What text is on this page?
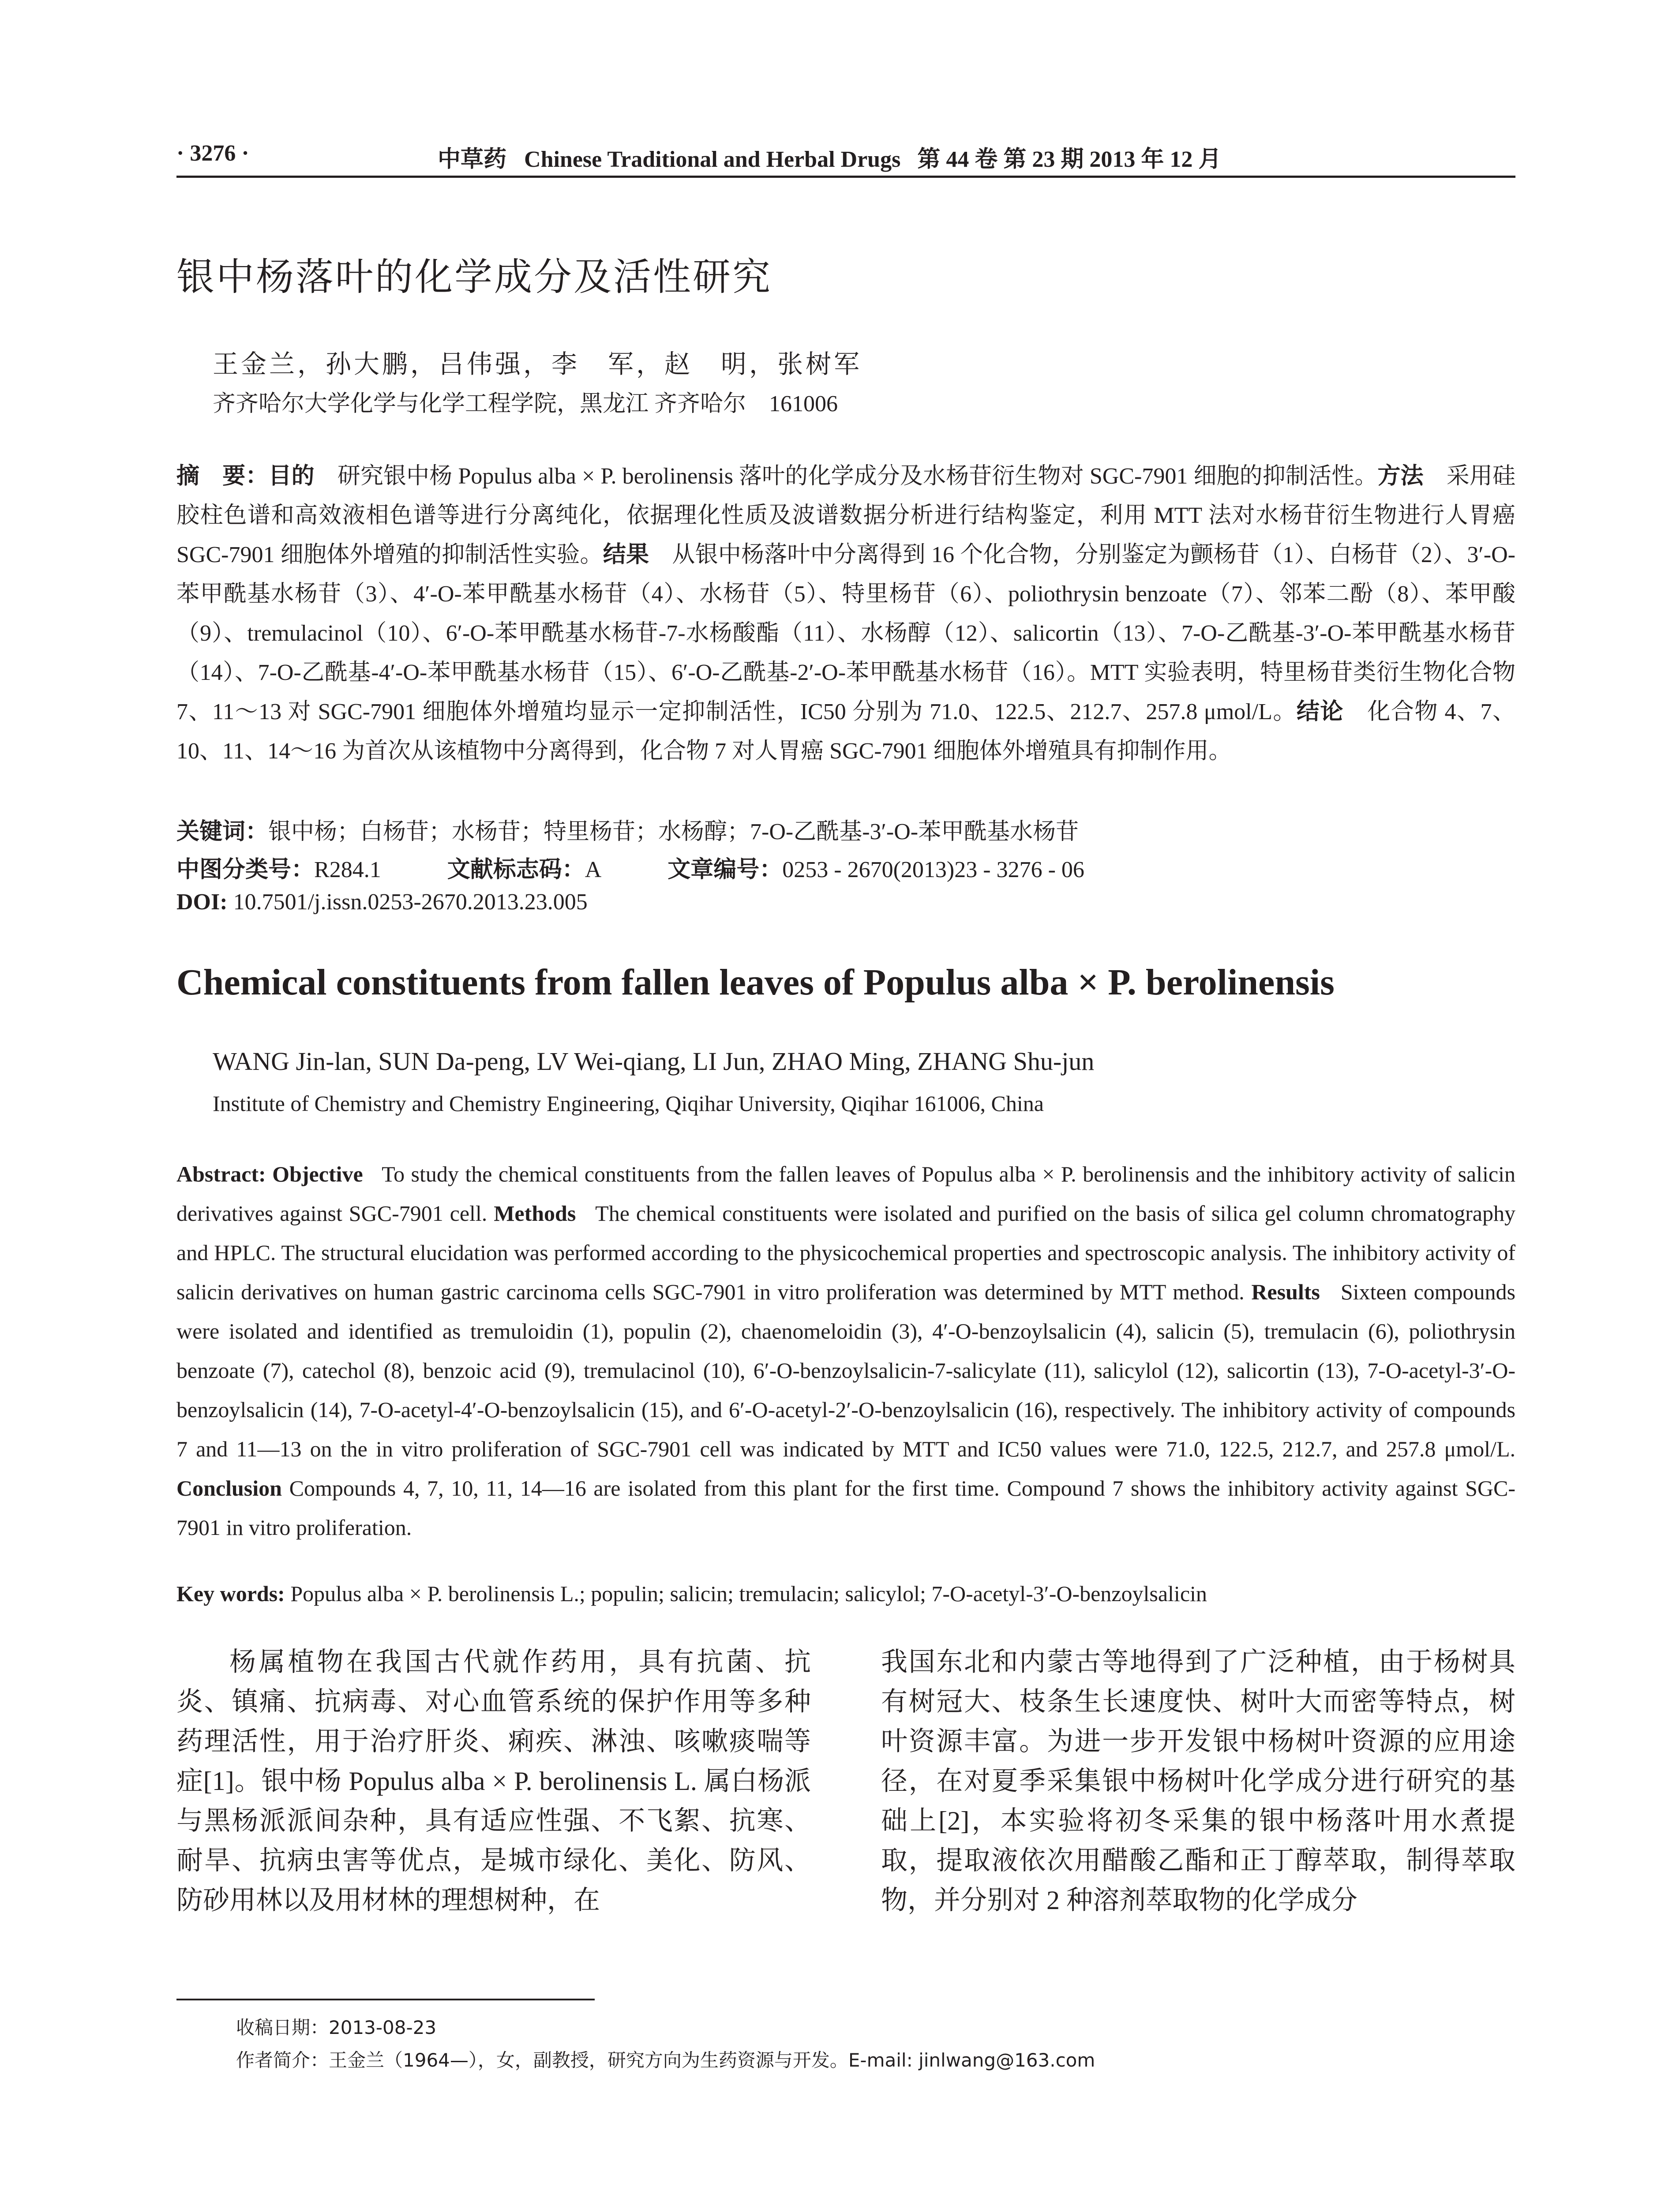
· 3276 ·	中草药 Chinese Traditional and Herbal Drugs 第 44 卷 第 23 期 2013 年 12 月
银中杨落叶的化学成分及活性研究
王金兰，孙大鹏，吕伟强，李　军，赵　明，张树军
齐齐哈尔大学化学与化学工程学院，黑龙江 齐齐哈尔　161006
摘　要：目的　 研究银中杨 Populus alba × P. berolinensis 落叶的化学成分及水杨苷衍生物对 SGC-7901 细胞的抑制活性。方法　 采用硅胶柱色谱和高效液相色谱等进行分离纯化，依据理化性质及波谱数据分析进行结构鉴定，利用 MTT 法对水杨苷衍生物进行人胃癌 SGC-7901 细胞体外增殖的抑制活性实验。结果　 从银中杨落叶中分离得到 16 个化合物，分别鉴定为颤杨苷（1）、白杨苷（2）、3′-O-苯甲酰基水杨苷（3）、4′-O-苯甲酰基水杨苷（4）、水杨苷（5）、特里杨苷（6）、poliothrysin benzoate（7）、邻苯二酚（8）、苯甲酸（9）、tremulacinol（10）、6′-O-苯甲酰基水杨苷-7-水杨酸酯（11）、水杨醇（12）、salicortin（13）、7-O-乙酰基-3′-O-苯甲酰基水杨苷（14）、7-O-乙酰基-4′-O-苯甲酰基水杨苷（15）、6′-O-乙酰基-2′-O-苯甲酰基水杨苷（16）。MTT 实验表明，特里杨苷类衍生物化合物 7、11～13 对 SGC-7901 细胞体外增殖均显示一定抑制活性，IC50 分别为 71.0、122.5、212.7、257.8 μmol/L。结论　 化合物 4、7、10、11、14～16 为首次从该植物中分离得到，化合物 7 对人胃癌 SGC-7901 细胞体外增殖具有抑制作用。
关键词：银中杨；白杨苷；水杨苷；特里杨苷；水杨醇；7-O-乙酰基-3′-O-苯甲酰基水杨苷
中图分类号：R284.1	文献标志码：A	文章编号：0253 - 2670(2013)23 - 3276 - 06
DOI: 10.7501/j.issn.0253-2670.2013.23.005
Chemical constituents from fallen leaves of Populus alba × P. berolinensis
WANG Jin-lan, SUN Da-peng, LV Wei-qiang, LI Jun, ZHAO Ming, ZHANG Shu-jun
Institute of Chemistry and Chemistry Engineering, Qiqihar University, Qiqihar 161006, China
Abstract: Objective To study the chemical constituents from the fallen leaves of Populus alba × P. berolinensis and the inhibitory activity of salicin derivatives against SGC-7901 cell. Methods The chemical constituents were isolated and purified on the basis of silica gel column chromatography and HPLC. The structural elucidation was performed according to the physicochemical properties and spectroscopic analysis. The inhibitory activity of salicin derivatives on human gastric carcinoma cells SGC-7901 in vitro proliferation was determined by MTT method. Results Sixteen compounds were isolated and identified as tremuloidin (1), populin (2), chaenomeloidin (3), 4′-O-benzoylsalicin (4), salicin (5), tremulacin (6), poliothrysin benzoate (7), catechol (8), benzoic acid (9), tremulacinol (10), 6′-O-benzoylsalicin-7-salicylate (11), salicylol (12), salicortin (13), 7-O-acetyl-3′-O-benzoylsalicin (14), 7-O-acetyl-4′-O-benzoylsalicin (15), and 6′-O-acetyl-2′-O-benzoylsalicin (16), respectively. The inhibitory activity of compounds 7 and 11—13 on the in vitro proliferation of SGC-7901 cell was indicated by MTT and IC50 values were 71.0, 122.5, 212.7, and 257.8 μmol/L. Conclusion Compounds 4, 7, 10, 11, 14—16 are isolated from this plant for the first time. Compound 7 shows the inhibitory activity against SGC-7901 in vitro proliferation.
Key words: Populus alba × P. berolinensis L.; populin; salicin; tremulacin; salicylol; 7-O-acetyl-3′-O-benzoylsalicin
杨属植物在我国古代就作药用，具有抗菌、抗炎、镇痛、抗病毒、对心血管系统的保护作用等多种药理活性，用于治疗肝炎、痢疾、淋浊、咳嗽痰喘等症[1]。银中杨 Populus alba × P. berolinensis L. 属白杨派与黑杨派派间杂种，具有适应性强、不飞絮、抗寒、耐旱、抗病虫害等优点，是城市绿化、美化、防风、防砂用林以及用材林的理想树种，在
我国东北和内蒙古等地得到了广泛种植，由于杨树具有树冠大、枝条生长速度快、树叶大而密等特点，树叶资源丰富。为进一步开发银中杨树叶资源的应用途径，在对夏季采集银中杨树叶化学成分进行研究的基础上[2]，本实验将初冬采集的银中杨落叶用水煮提取，提取液依次用醋酸乙酯和正丁醇萃取，制得萃取物，并分别对 2 种溶剂萃取物的化学成分
收稿日期：2013-08-23
作者简介：王金兰（1964—），女，副教授，研究方向为生药资源与开发。E-mail: jinlwang@163.com
